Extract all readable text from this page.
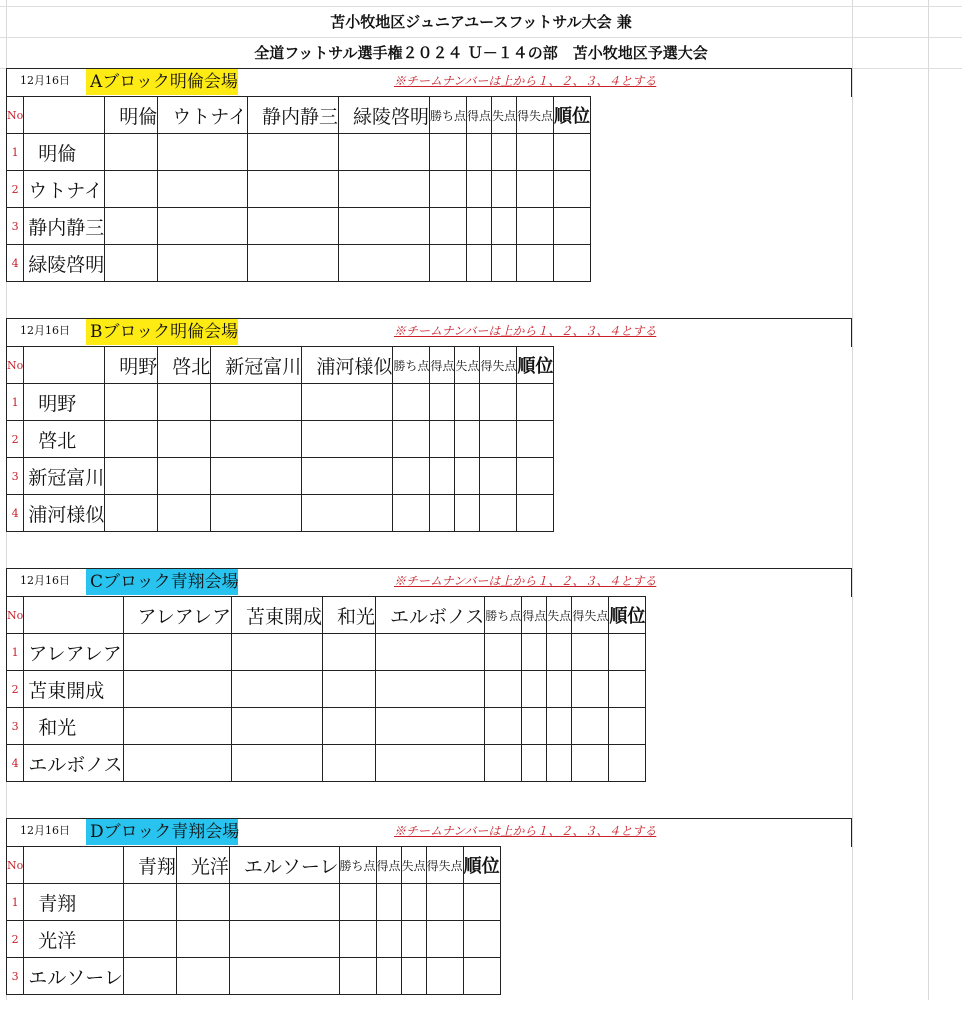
苫小牧地区ジュニアユースフットサル大会 兼
全道フットサル選手権２０２４ Ｕ－１４の部　苫小牧地区予選大会
12月16日	Aブロック明倫会場	※チームナンバーは上から１、２、３、４とする
No		明倫	ウトナイ	静内静三	緑陵啓明	勝ち点	得点	失点	得失点	順位
1	明倫									
2	ウトナイ									
3	静内静三									
4	緑陵啓明									
12月16日	Bブロック明倫会場	※チームナンバーは上から１、２、３、４とする
No		明野	啓北	新冠富川	浦河様似	勝ち点	得点	失点	得失点	順位
1	明野									
2	啓北									
3	新冠富川									
4	浦河様似									
12月16日	Cブロック青翔会場	※チームナンバーは上から１、２、３、４とする
No		アレアレア	苫東開成	和光	エルボノス	勝ち点	得点	失点	得失点	順位
1	アレアレア									
2	苫東開成									
3	和光									
4	エルボノス									
12月16日	Dブロック青翔会場	※チームナンバーは上から１、２、３、４とする
No		青翔	光洋	エルソーレ	勝ち点	得点	失点	得失点	順位
1	青翔								
2	光洋								
3	エルソーレ								
